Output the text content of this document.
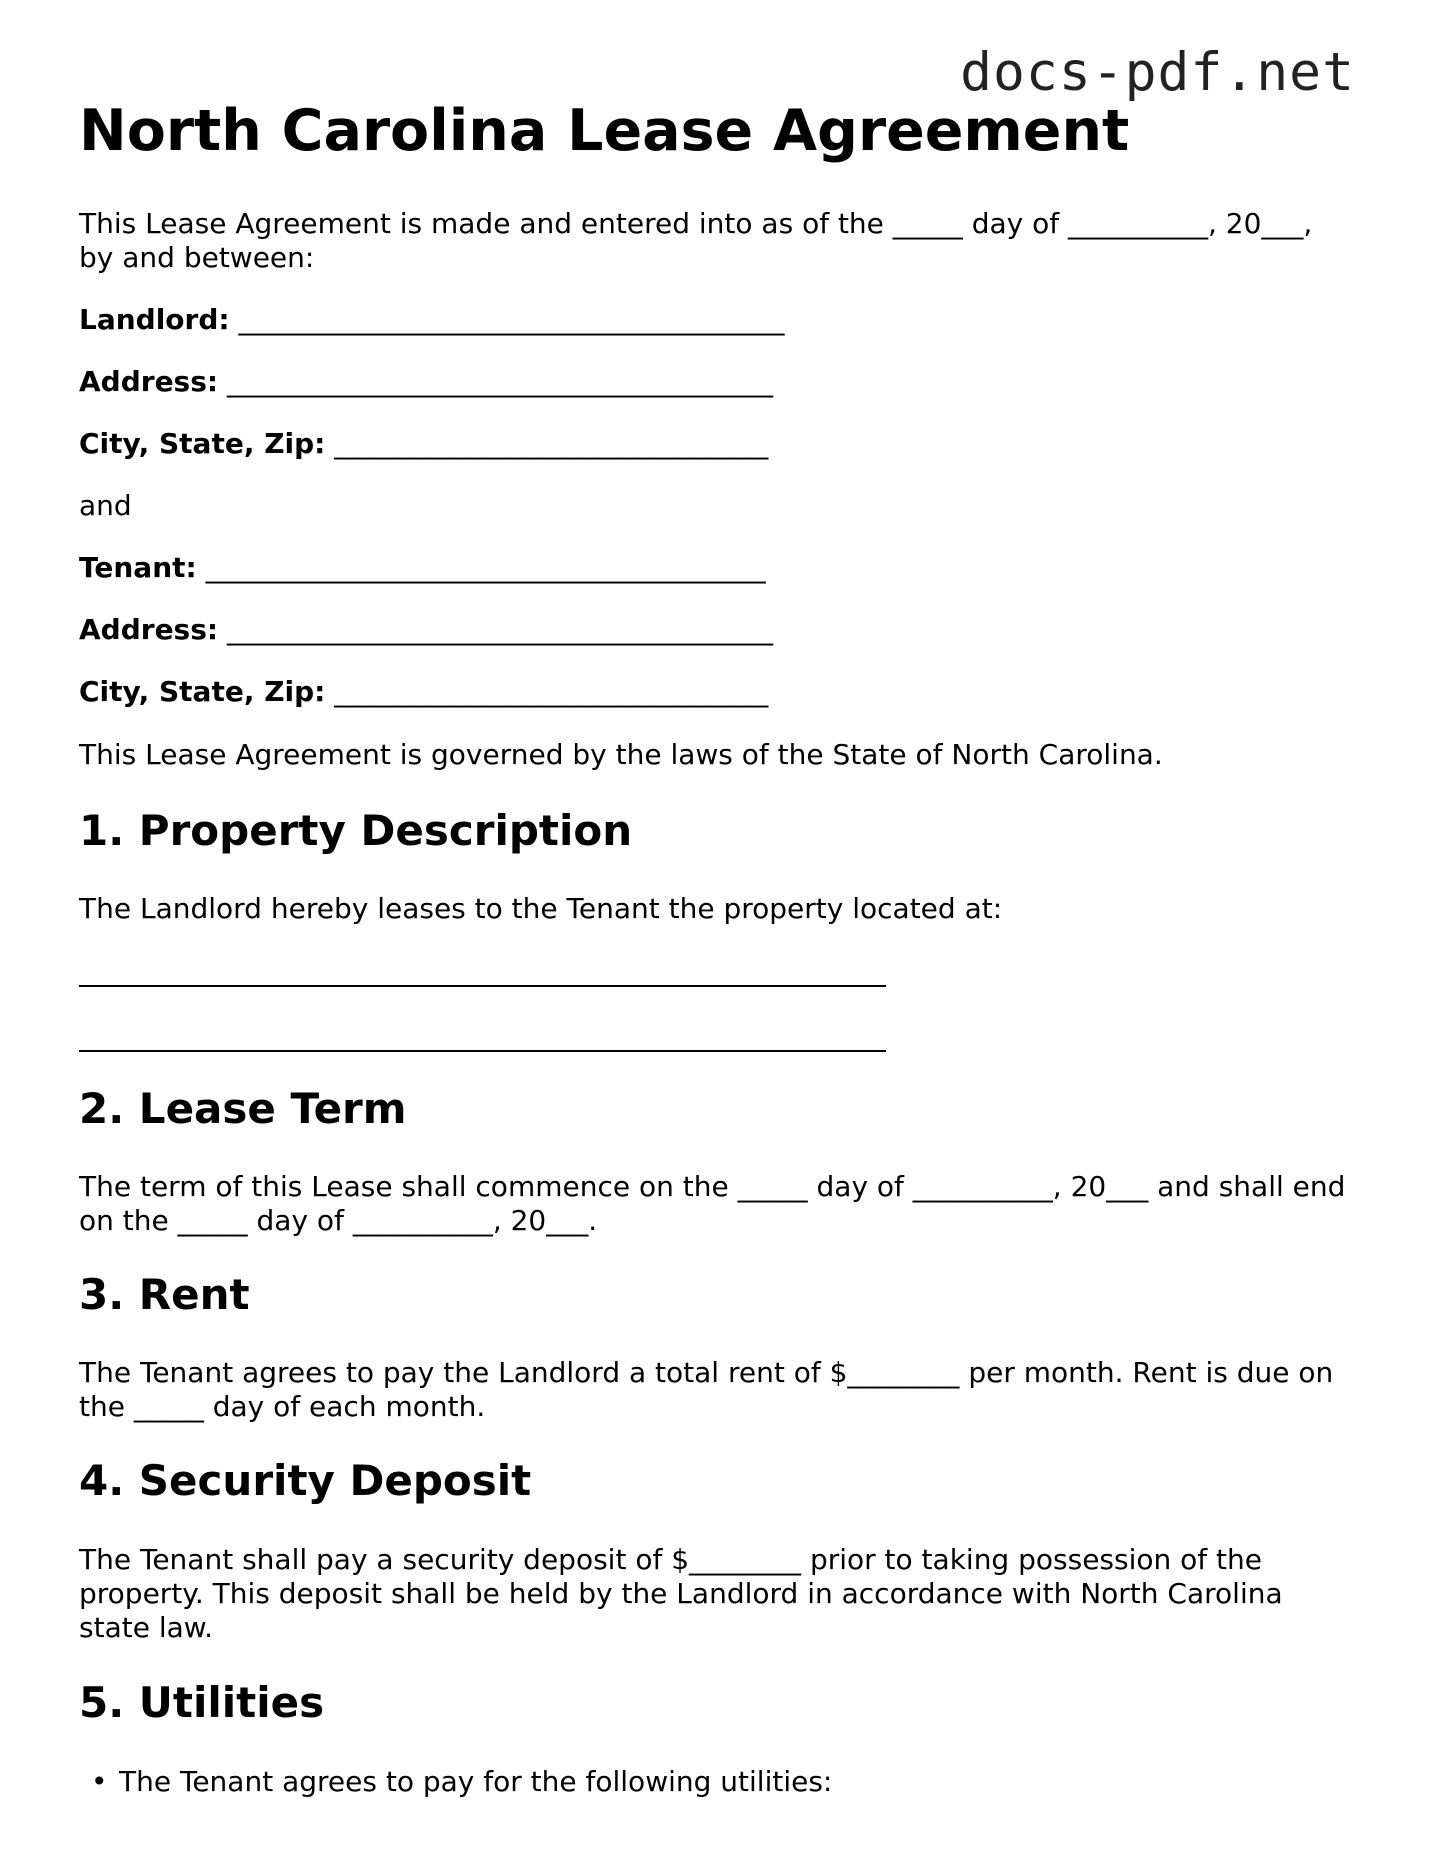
docs-pdf.net
North Carolina Lease Agreement

This Lease Agreement is made and entered into as of the _____ day of __________, 20___,

by and between:

Landlord: _______________________________________

Address: _______________________________________

City, State, Zip: _______________________________

and

Tenant: ________________________________________

Address: _______________________________________

City, State, Zip: _______________________________

This Lease Agreement is governed by the laws of the State of North Carolina.

1. Property Description

The Landlord hereby leases to the Tenant the property located at:

2. Lease Term

The term of this Lease shall commence on the _____ day of __________, 20___ and shall end

on the _____ day of __________, 20___.

3. Rent

The Tenant agrees to pay the Landlord a total rent of $________ per month. Rent is due on

the _____ day of each month.

4. Security Deposit

The Tenant shall pay a security deposit of $________ prior to taking possession of the

property. This deposit shall be held by the Landlord in accordance with North Carolina

state law.

5. Utilities
• The Tenant agrees to pay for the following utilities:
